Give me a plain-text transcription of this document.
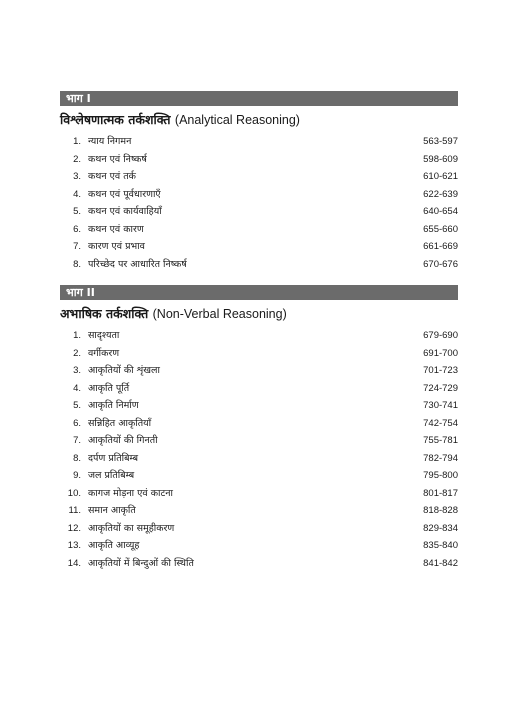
भाग I
विश्लेषणात्मक तर्कशक्ति (Analytical Reasoning)
1. न्याय निगमन	563-597
2. कथन एवं निष्कर्ष	598-609
3. कथन एवं तर्क	610-621
4. कथन एवं पूर्वधारणाएँ	622-639
5. कथन एवं कार्यवाहियाँ	640-654
6. कथन एवं कारण	655-660
7. कारण एवं प्रभाव	661-669
8. परिच्छेद पर आधारित निष्कर्ष	670-676
भाग II
अभाषिक तर्कशक्ति (Non-Verbal Reasoning)
1. सादृश्यता	679-690
2. वर्गीकरण	691-700
3. आकृतियों की शृंखला	701-723
4. आकृति पूर्ति	724-729
5. आकृति निर्माण	730-741
6. सन्निहित आकृतियाँ	742-754
7. आकृतियों की गिनती	755-781
8. दर्पण प्रतिबिम्ब	782-794
9. जल प्रतिबिम्ब	795-800
10. कागज मोड़ना एवं काटना	801-817
11. समान आकृति	818-828
12. आकृतियों का समूहीकरण	829-834
13. आकृति आव्यूह	835-840
14. आकृतियों में बिन्दुओं की स्थिति	841-842
